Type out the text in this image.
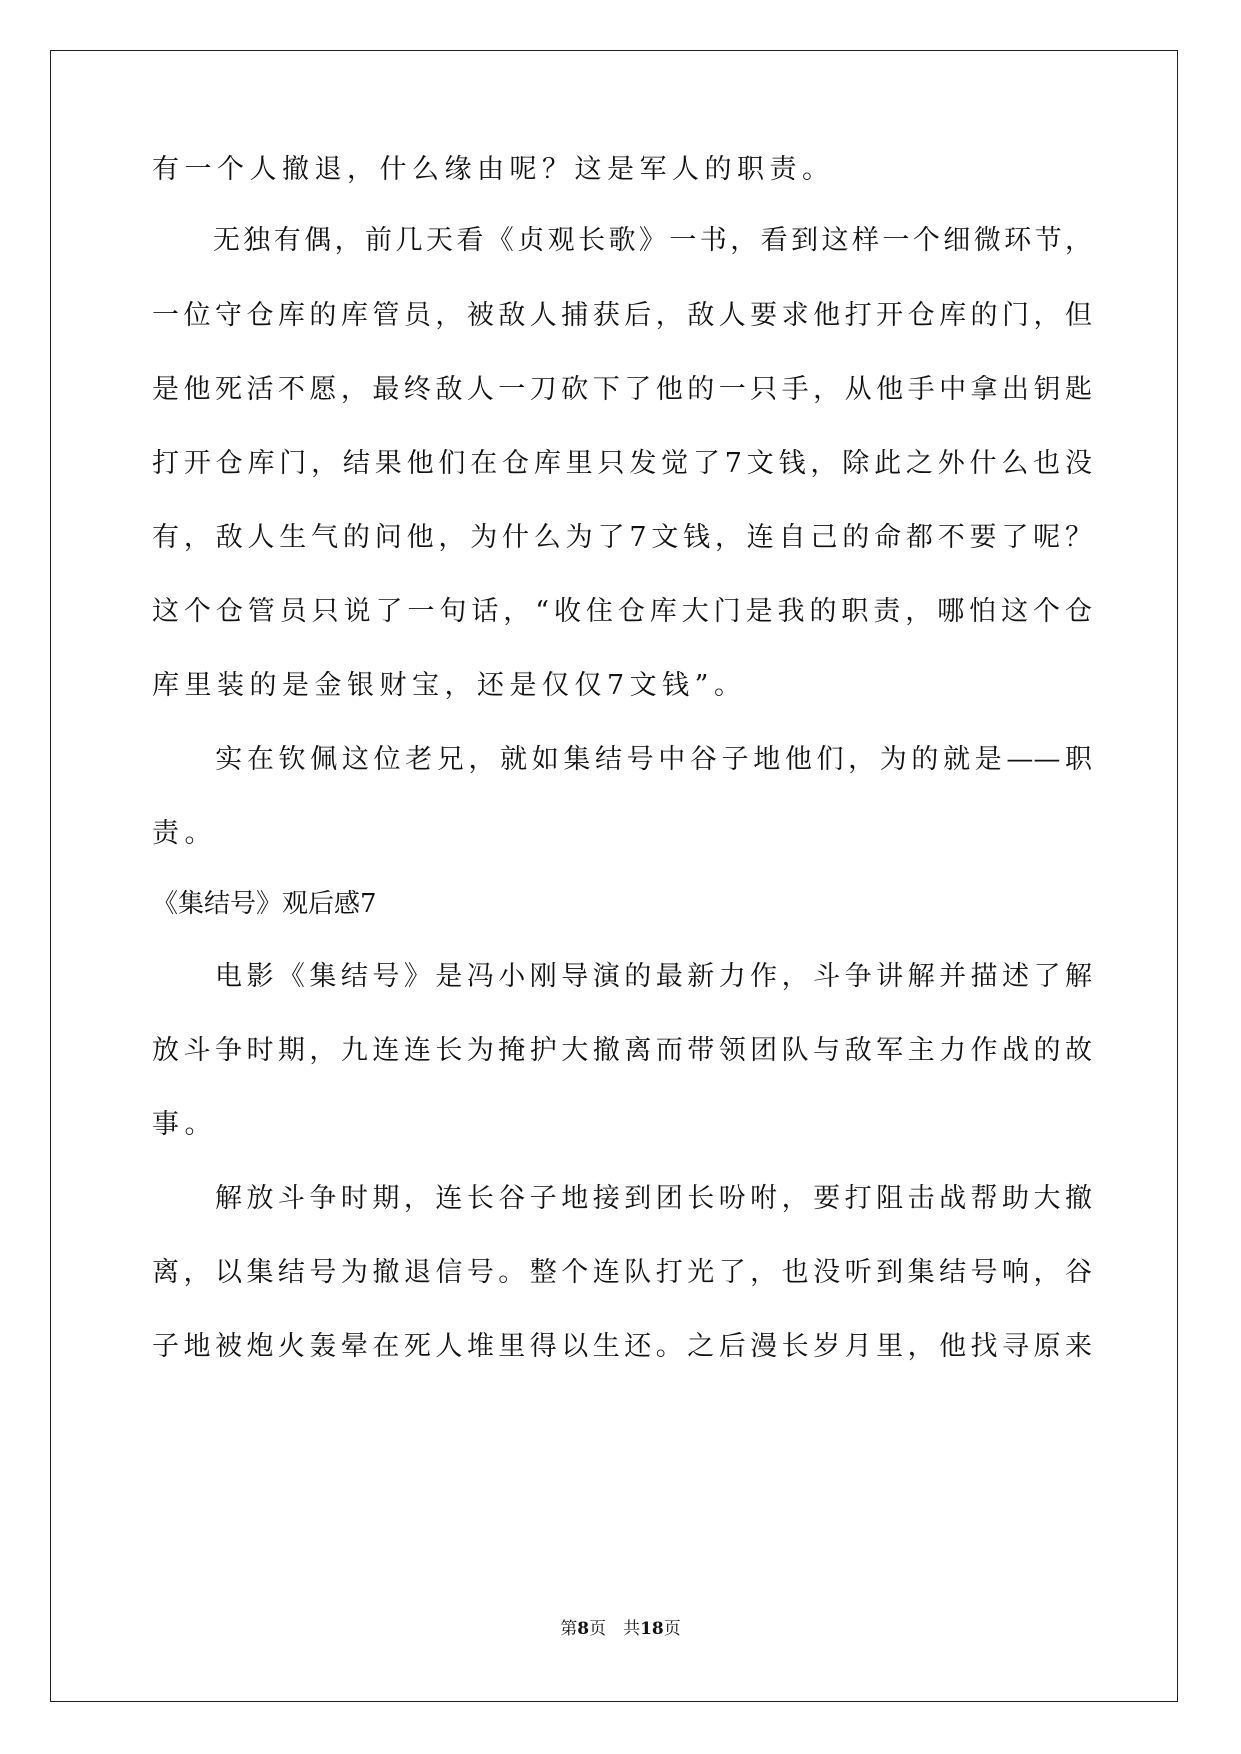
有一个人撤退，什么缘由呢？这是军人的职责。

　　无独有偶，前几天看《贞观长歌》一书，看到这样一个细微环节，

一位守仓库的库管员，被敌人捕获后，敌人要求他打开仓库的门，但

是他死活不愿，最终敌人一刀砍下了他的一只手，从他手中拿出钥匙

打开仓库门，结果他们在仓库里只发觉了7文钱，除此之外什么也没

有，敌人生气的问他，为什么为了7文钱，连自己的命都不要了呢？

这个仓管员只说了一句话，“收住仓库大门是我的职责，哪怕这个仓

库里装的是金银财宝，还是仅仅7文钱”。

　　实在钦佩这位老兄，就如集结号中谷子地他们，为的就是——职

责。

《集结号》观后感7

　　电影《集结号》是冯小刚导演的最新力作，斗争讲解并描述了解

放斗争时期，九连连长为掩护大撤离而带领团队与敌军主力作战的故

事。

　　解放斗争时期，连长谷子地接到团长吩咐，要打阻击战帮助大撤

离，以集结号为撤退信号。整个连队打光了，也没听到集结号响，谷

子地被炮火轰晕在死人堆里得以生还。之后漫长岁月里，他找寻原来

第8页　共18页
